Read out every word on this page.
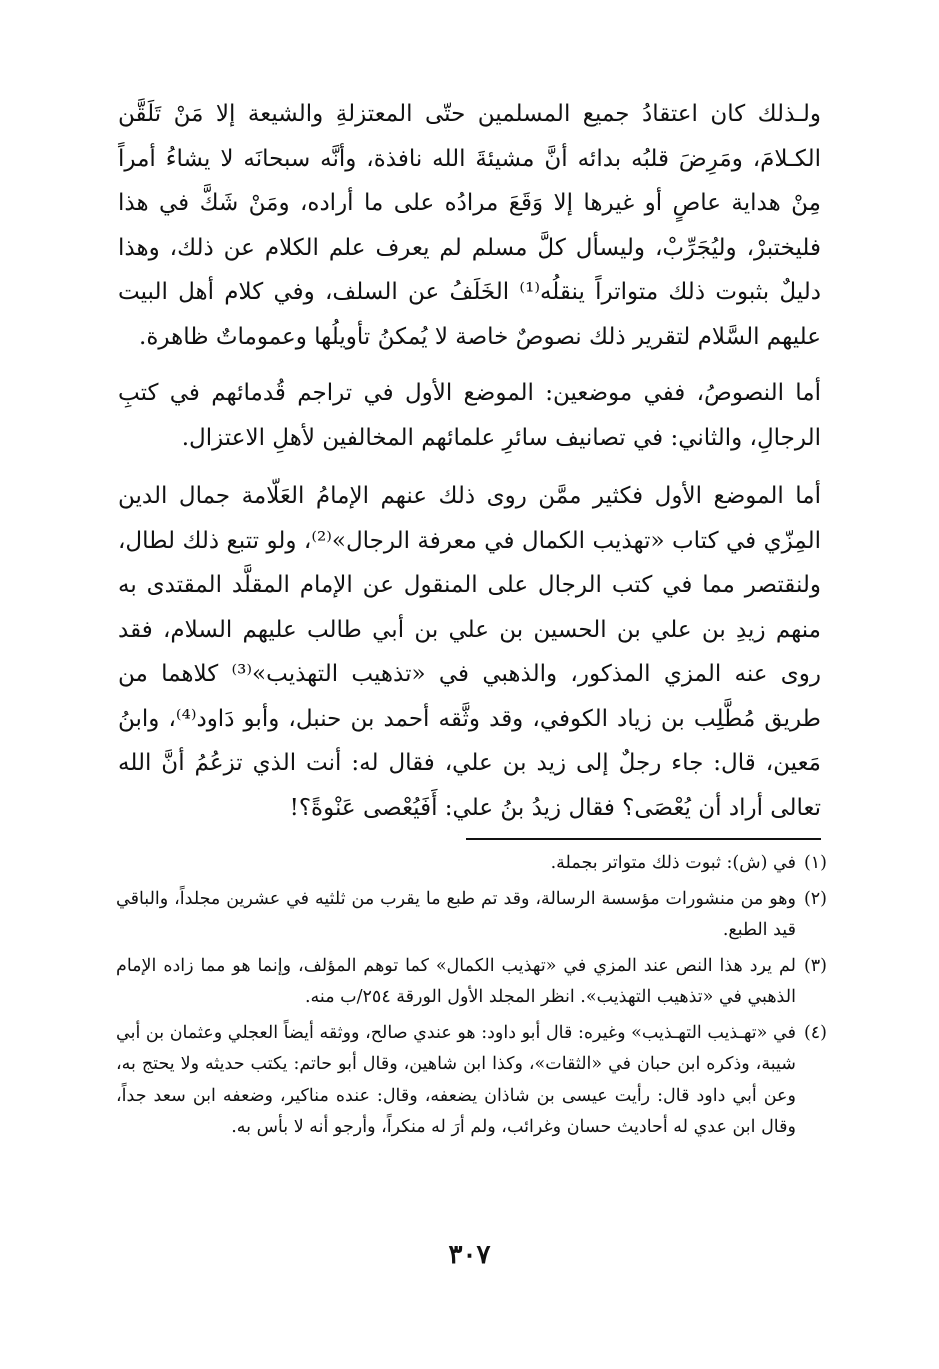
ولـذلك كان اعتقادُ جميع المسلمين حتّى المعتزلةِ والشيعة إلا مَنْ تَلَقَّن الكـلامَ، ومَرِضَ قلبُه بدائه أنَّ مشيئةَ الله نافذة، وأنَّه سبحانَه لا يشاءُ أمراً مِنْ هداية عاصٍ أو غيرها إلا وَقَعَ مرادُه على ما أراده، ومَنْ شَكَّ في هذا فليختبرْ، وليُجَرِّبْ، وليسأل كلَّ مسلم لم يعرف علم الكلام عن ذلك، وهذا دليلٌ بثبوت ذلك متواتراً ينقلُه⁽¹⁾ الخَلَفُ عن السلف، وفي كلام أهل البيت عليهم السَّلام لتقرير ذلك نصوصٌ خاصة لا يُمكنُ تأويلُها وعموماتٌ ظاهرة.

أما النصوصُ، ففي موضعين: الموضع الأول في تراجم قُدمائهم في كتبِ الرجالِ، والثاني: في تصانيف سائرِ علمائهم المخالفين لأهلِ الاعتزال.

أما الموضع الأول فكثير ممَّن روى ذلك عنهم الإمامُ العَلّامة جمال الدين المِزّي في كتاب «تهذيب الكمال في معرفة الرجال»⁽²⁾، ولو تتبع ذلك لطال، ولنقتصر مما في كتب الرجال على المنقول عن الإمام المقلَّد المقتدى به منهم زيدِ بن علي بن الحسين بن علي بن أبي طالب عليهم السلام، فقد روى عنه المزي المذكور، والذهبي في «تذهيب التهذيب»⁽³⁾ كلاهما من طريق مُطَّلِب بن زياد الكوفي، وقد وثَّقه أحمد بن حنبل، وأبو دَاود⁽⁴⁾، وابنُ مَعين، قال: جاء رجلٌ إلى زيد بن علي، فقال له: أنت الذي تزعُمُ أنَّ الله تعالى أراد أن يُعْصَى؟ فقال زيدُ بنُ علي: أَفَيُعْصى عَنْوةً؟!

(١)
في (ش): ثبوت ذلك متواتر بجملة.
(٢)
وهو من منشورات مؤسسة الرسالة، وقد تم طبع ما يقرب من ثلثيه في عشرين مجلداً، والباقي قيد الطبع.
(٣)
لم يرد هذا النص عند المزي في «تهذيب الكمال» كما توهم المؤلف، وإنما هو مما زاده الإمام الذهبي في «تذهيب التهذيب». انظر المجلد الأول الورقة ٢٥٤/ب منه.
(٤)
في «تهـذيب التهـذيب» وغيره: قال أبو داود: هو عندي صالح، ووثقه أيضاً العجلي وعثمان بن أبي شيبة، وذكره ابن حبان في «الثقات»، وكذا ابن شاهين، وقال أبو حاتم: يكتب حديثه ولا يحتج به، وعن أبي داود قال: رأيت عيسى بن شاذان يضعفه، وقال: عنده مناكير، وضعفه ابن سعد جداً، وقال ابن عدي له أحاديث حسان وغرائب، ولم أرَ له منكراً، وأرجو أنه لا بأس به.
٣٠٧
